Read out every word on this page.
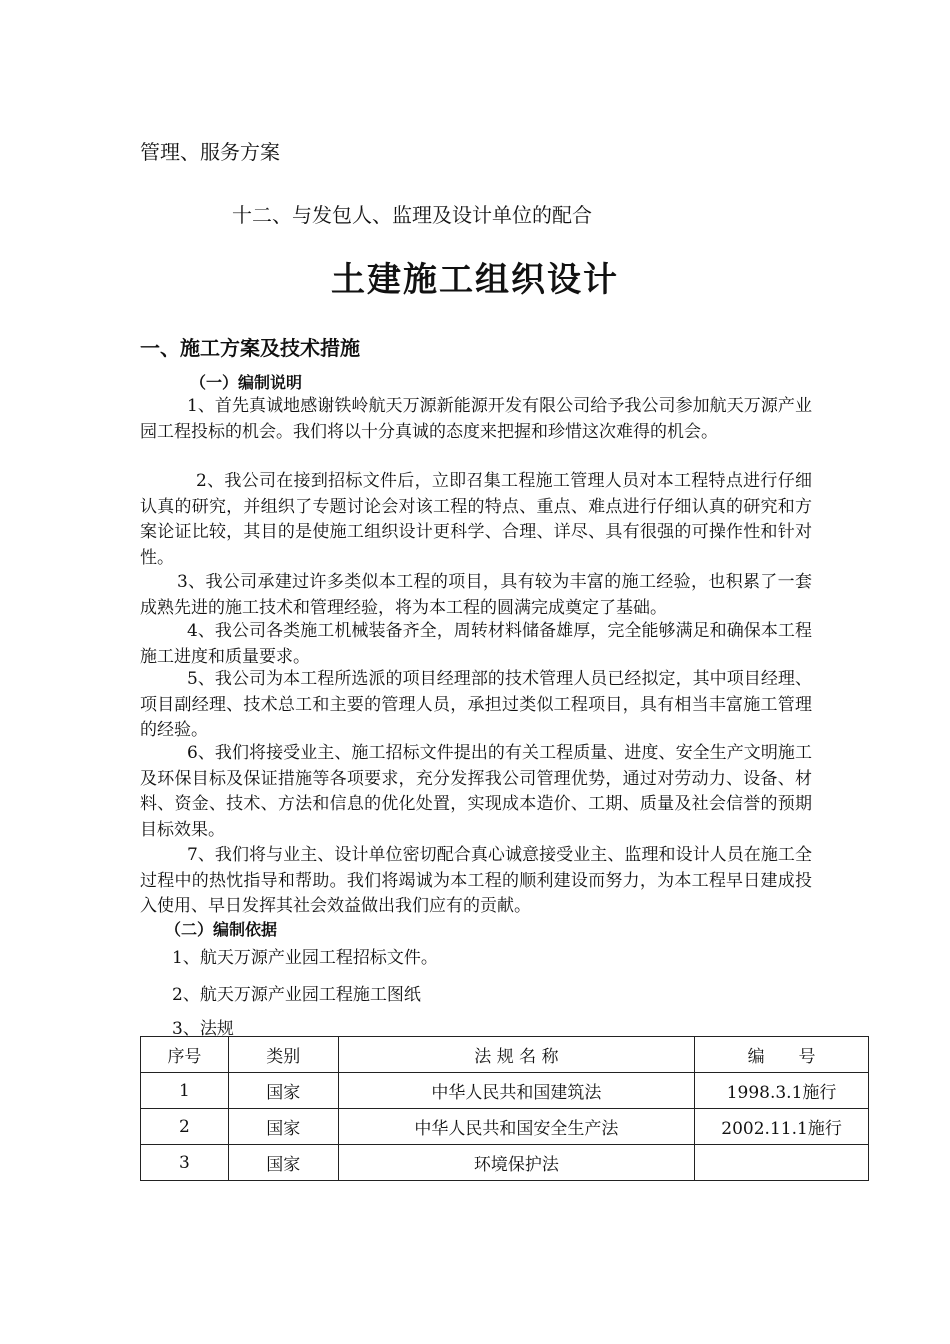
管理、服务方案
十二、与发包人、监理及设计单位的配合
土建施工组织设计
一、施工方案及技术措施
（一）编制说明
1、首先真诚地感谢铁岭航天万源新能源开发有限公司给予我公司参加航天万源产业园工程投标的机会。我们将以十分真诚的态度来把握和珍惜这次难得的机会。
2、我公司在接到招标文件后，立即召集工程施工管理人员对本工程特点进行仔细认真的研究，并组织了专题讨论会对该工程的特点、重点、难点进行仔细认真的研究和方案论证比较，其目的是使施工组织设计更科学、合理、详尽、具有很强的可操作性和针对性。
3、我公司承建过许多类似本工程的项目，具有较为丰富的施工经验，也积累了一套成熟先进的施工技术和管理经验，将为本工程的圆满完成奠定了基础。
4、我公司各类施工机械装备齐全，周转材料储备雄厚，完全能够满足和确保本工程施工进度和质量要求。
5、我公司为本工程所选派的项目经理部的技术管理人员已经拟定，其中项目经理、项目副经理、技术总工和主要的管理人员，承担过类似工程项目，具有相当丰富施工管理的经验。
6、我们将接受业主、施工招标文件提出的有关工程质量、进度、安全生产文明施工及环保目标及保证措施等各项要求，充分发挥我公司管理优势，通过对劳动力、设备、材料、资金、技术、方法和信息的优化处置，实现成本造价、工期、质量及社会信誉的预期目标效果。
7、我们将与业主、设计单位密切配合真心诚意接受业主、监理和设计人员在施工全过程中的热忱指导和帮助。我们将竭诚为本工程的顺利建设而努力，为本工程早日建成投入使用、早日发挥其社会效益做出我们应有的贡献。
（二）编制依据
1、航天万源产业园工程招标文件。
2、航天万源产业园工程施工图纸
3、法规
序号	类别	法 规 名 称	编　　号
1	国家	中华人民共和国建筑法	1998.3.1施行
2	国家	中华人民共和国安全生产法	2002.11.1施行
3	国家	环境保护法	
